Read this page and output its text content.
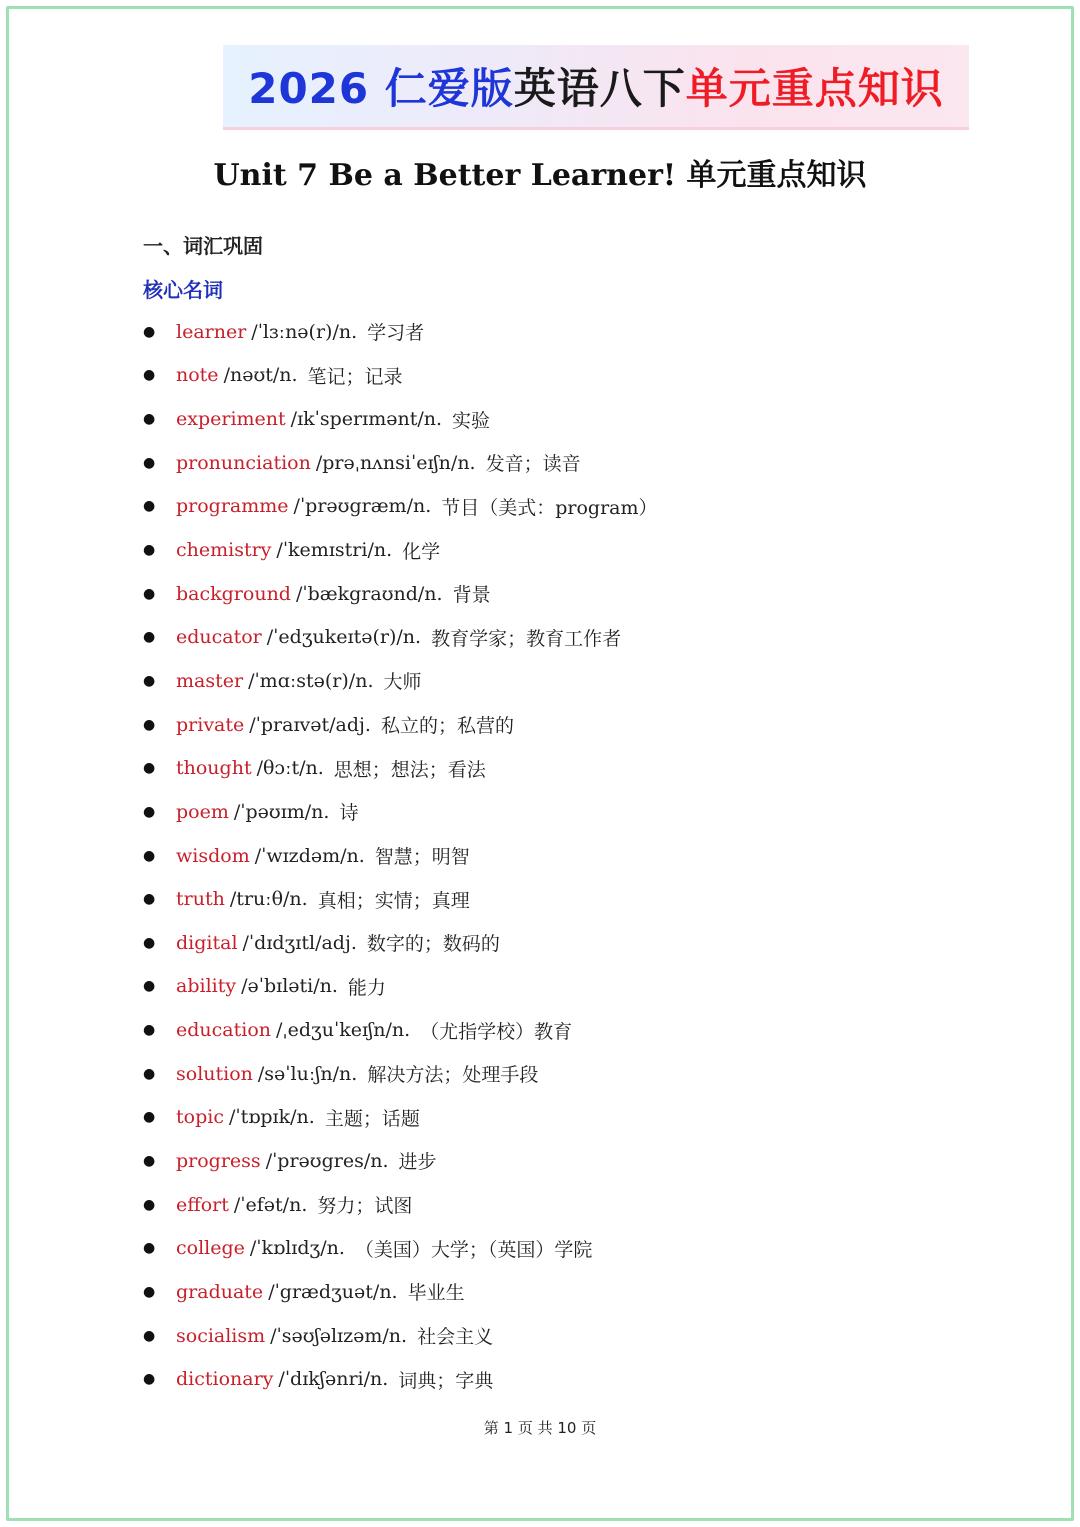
2026 仁爱版 英语八下 单元重点知识
Unit 7 Be a Better Learner! 单元重点知识
一、词汇巩固
核心名词
●	learner /ˈlɜːnə(r)/n. 学习者
●	note /nəʊt/n. 笔记；记录
●	experiment /ɪkˈsperɪmənt/n. 实验
●	pronunciation /prəˌnʌnsiˈeɪʃn/n. 发音；读音
●	programme /ˈprəʊgræm/n. 节目（美式：program）
●	chemistry /ˈkemɪstri/n. 化学
●	background /ˈbækgraʊnd/n. 背景
●	educator /ˈedʒukeɪtə(r)/n. 教育学家；教育工作者
●	master /ˈmɑːstə(r)/n. 大师
●	private /ˈpraɪvət/adj. 私立的；私营的
●	thought /θɔːt/n. 思想；想法；看法
●	poem /ˈpəʊɪm/n. 诗
●	wisdom /ˈwɪzdəm/n. 智慧；明智
●	truth /truːθ/n. 真相；实情；真理
●	digital /ˈdɪdʒɪtl/adj. 数字的；数码的
●	ability /əˈbɪləti/n. 能力
●	education /ˌedʒuˈkeɪʃn/n. （尤指学校）教育
●	solution /səˈluːʃn/n. 解决方法；处理手段
●	topic /ˈtɒpɪk/n. 主题；话题
●	progress /ˈprəʊgres/n. 进步
●	effort /ˈefət/n. 努力；试图
●	college /ˈkɒlɪdʒ/n. （美国）大学；（英国）学院
●	graduate /ˈgrædʒuət/n. 毕业生
●	socialism /ˈsəʊʃəlɪzəm/n. 社会主义
●	dictionary /ˈdɪkʃənri/n. 词典；字典
第 1 页 共 10 页
